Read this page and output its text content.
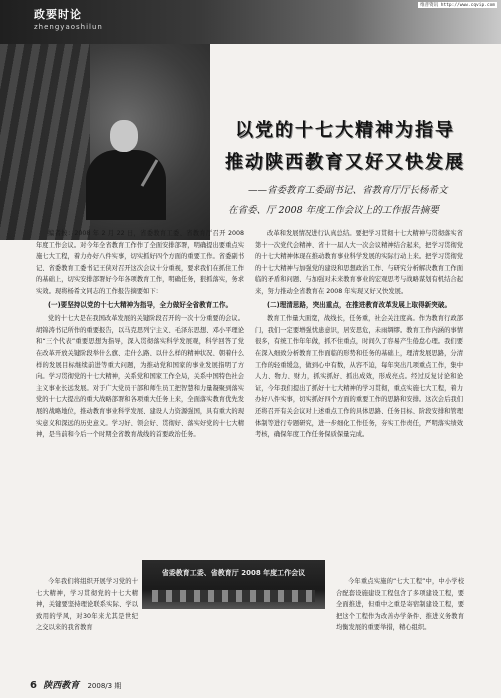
政要时论
zhengyaoshilun
维普资讯 http://www.cqvip.com
以党的十七大精神为指导
推动陕西教育又好又快发展
——省委教育工委副书记、省教育厅厅长杨希文
在省委、厅 2008 年度工作会议上的工作报告摘要

编者按：2008 年 2 月 22 日，省委教育工委、省教育厅召开 2008 年度工作会议。对今年全省教育工作作了全面安排部署，明确提出要重点实施七大工程，着力办好八件实事，切实抓好四个方面的重要工作。省委副书记、省委教育工委书记王侠对召开这次会议十分重视，要求我们在抓住工作的基础上，切实安排部署好今年各项教育工作，明确任务，狠抓落实，务求实效。现将杨希文同志的工作报告摘要如下：

(一)要坚持以党的十七大精神为指导，全力做好全省教育工作。

党的十七大是在我国改革发展的关键阶段召开的一次十分重要的会议。胡锦涛书记所作的重要报告，以马克思列宁主义、毛泽东思想、邓小平理论和“三个代表”重要思想为指导，深入贯彻落实科学发展观，科学回答了党在改革开放关键阶段举什么旗、走什么路、以什么样的精神状况、朝着什么样的发展目标继续前进等重大问题，为推动党和国家的事业发展指明了方向。学习贯彻党的十七大精神，关系党和国家工作全局，关系中国特色社会主义事业长远发展。对于广大党员干部和师生员工把智慧和力量凝聚到落实党的十七大提出的重大战略部署和各项重大任务上来，全面落实教育优先发展的战略地位，推动教育事业科学发展、建设人力资源强国，具有重大的现实意义和深远的历史意义。学习好、领会好、贯彻好、落实好党的十七大精神，是当前和今后一个时期全省教育战线的首要政治任务。

改革和发展情况进行认真总结。要把学习贯彻十七大精神与贯彻落实省第十一次党代会精神、省十一届人大一次会议精神结合起来，把学习贯彻党的十七大精神体现在推动教育事业科学发展的实际行动上来。把学习贯彻党的十七大精神与加强党的建设和思想政治工作、与研究分析解决教育工作面临的矛盾和问题、与加强对未来教育事业的宏观思考与战略谋划有机结合起来，努力推动全省教育在 2008 年实现又好又快发展。

(二)理清思路，突出重点，在推进教育改革发展上取得新突破。

教育工作量大面宽，战线长，任务重，社会关注度高。作为教育行政部门，我们一定要增强忧患意识，居安思危，未雨绸缪。教育工作内涵的事情很多，有统工作年年做，抓不住重点，时间久了容易产生倦怠心理。我们要在深入细致分析教育工作面临的形势和任务的基础上，理清发展思路，分清工作的轻重缓急，做到心中有数，从容不迫，每年突出几项重点工作，集中人力、物力、财力，抓实抓好、抓出成效，形成亮点。经过反复讨论和论证，今年我们提出了抓好十七大精神的学习贯彻，重点实施七大工程，着力办好八件实事，切实抓好四个方面的重要工作的思路和安排。这次会后我们还将召开有关会议对上述重点工作的具体思路、任务目标、阶段安排和管理体制等进行专题研究，进一步细化工作任务，夯实工作责任，严明落实绩效考核，确保年度工作任务保质保量完成。

今年我们将组织开展学习党的十七大精神，学习贯彻党的十七大精神，关键要坚持理论联系实际、学以致用的学风，对30年来尤其是世纪之交以来的我省教育

省委教育工委、省教育厅 2008 年度工作会议

今年重点实施的“七大工程”中，中小学校合配套设施建设工程包含了多项建设工程，要全面推进，但重中之重是寄宿制建设工程，要把这个工程作为改善办学条件、推进义务教育均衡发展的重要举措，精心组织。

6 陕西教育 2008/3 期
